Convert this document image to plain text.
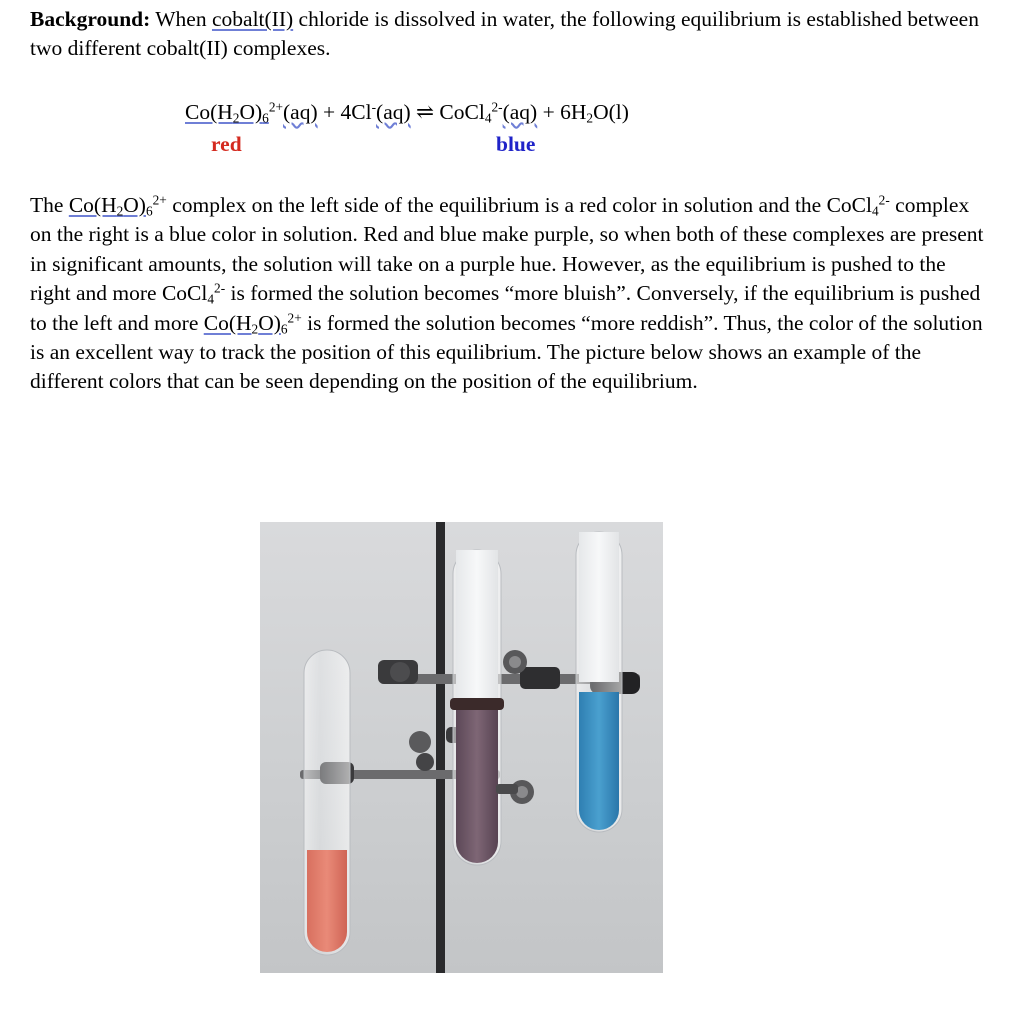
Background: When cobalt(II) chloride is dissolved in water, the following equilibrium is established between two different cobalt(II) complexes.

$Co(H_2O)_6^{2+}(aq) + 4Cl^-(aq)$ ⇌ CoCl$_4^{2-}$(aq) + $6H_2O(l)$
red	blue

The $Co(H_2O)_6^{2+}$ complex on the left side of the equilibrium is a red color in solution and the CoCl$_4^{2-}$ complex on the right is a blue color in solution. Red and blue make purple, so when both of these complexes are present in significant amounts, the solution will take on a purple hue. However, as the equilibrium is pushed to the right and more CoCl$_4^{2-}$ is formed the solution becomes “more bluish”. Conversely, if the equilibrium is pushed to the left and more $Co(H_2O)_6^{2+}$ is formed the solution becomes “more reddish”. Thus, the color of the solution is an excellent way to track the position of this equilibrium. The picture below shows an example of the different colors that can be seen depending on the position of the equilibrium.
